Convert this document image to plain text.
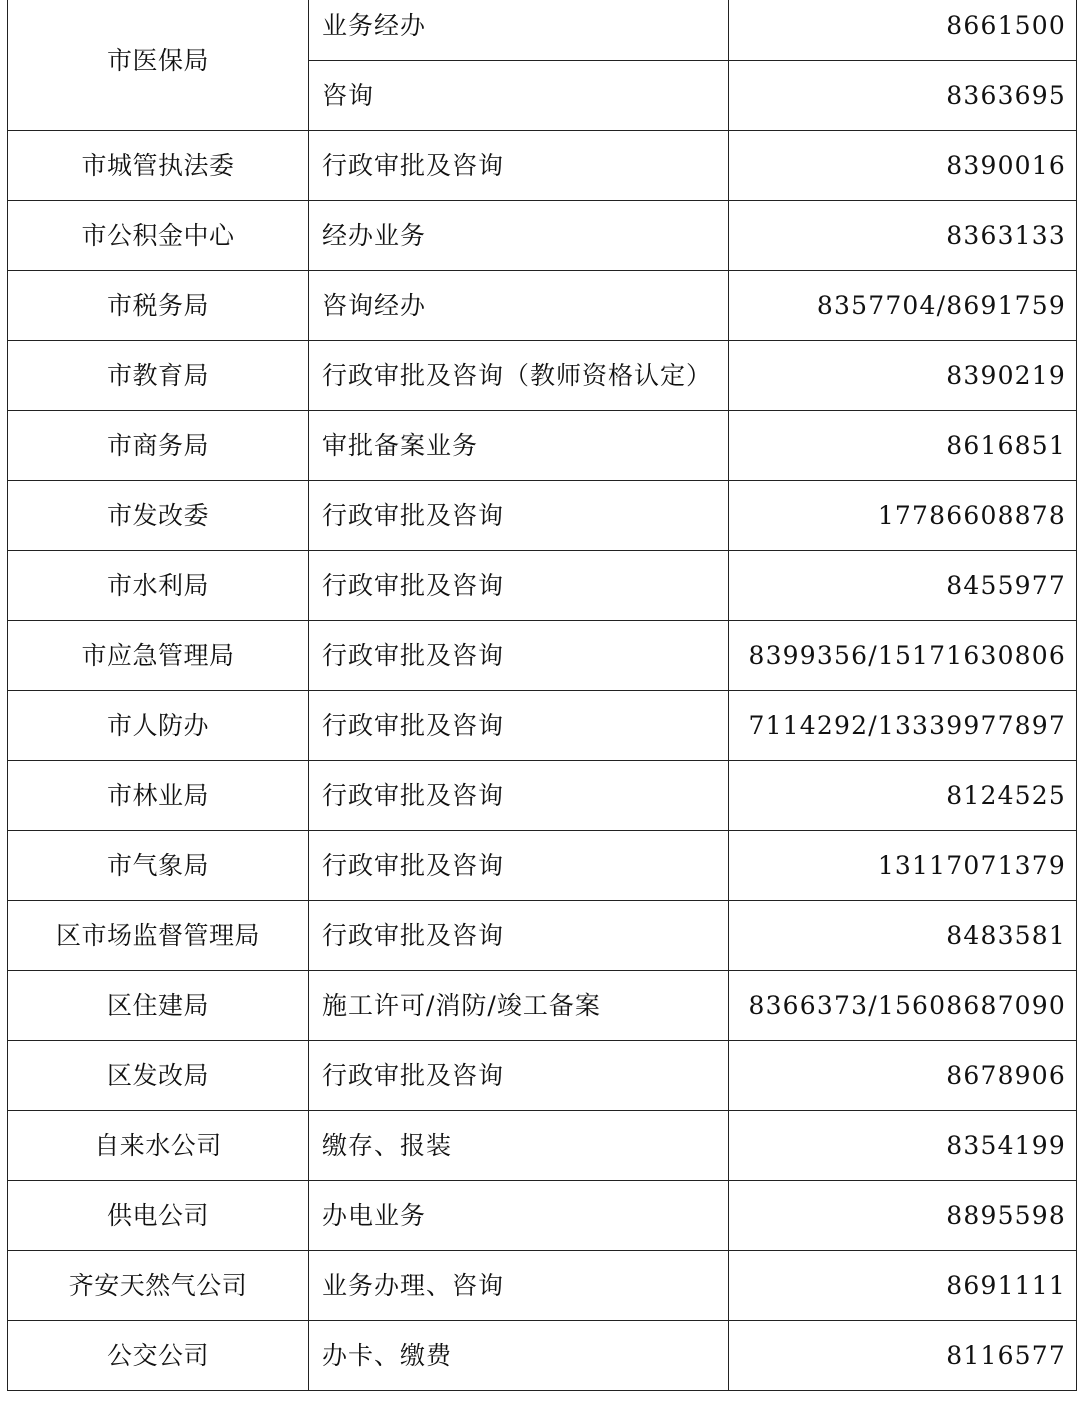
市医保局	业务经办	8661500
	咨询	8363695
市城管执法委	行政审批及咨询	8390016
市公积金中心	经办业务	8363133
市税务局	咨询经办	8357704/8691759
市教育局	行政审批及咨询（教师资格认定）	8390219
市商务局	审批备案业务	8616851
市发改委	行政审批及咨询	17786608878
市水利局	行政审批及咨询	8455977
市应急管理局	行政审批及咨询	8399356/15171630806
市人防办	行政审批及咨询	7114292/13339977897
市林业局	行政审批及咨询	8124525
市气象局	行政审批及咨询	13117071379
区市场监督管理局	行政审批及咨询	8483581
区住建局	施工许可/消防/竣工备案	8366373/15608687090
区发改局	行政审批及咨询	8678906
自来水公司	缴存、报装	8354199
供电公司	办电业务	8895598
齐安天然气公司	业务办理、咨询	8691111
公交公司	办卡、缴费	8116577
